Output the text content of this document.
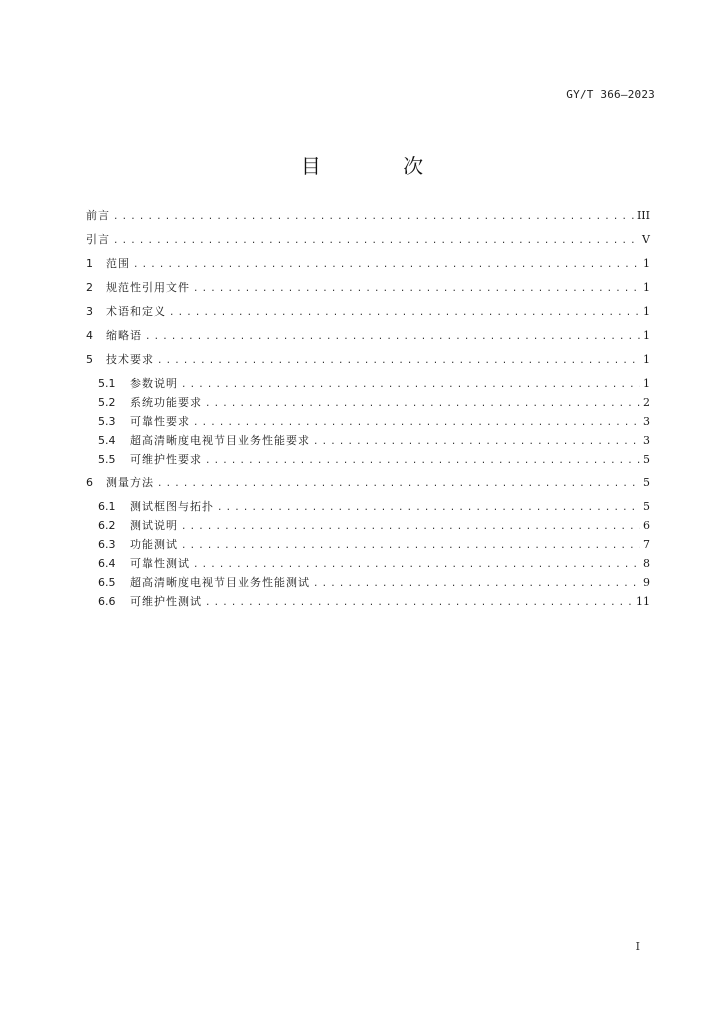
GY/T 366—2023
目 次
前言 .....	III
引言 .....	V
1	范围 .....	1
2	规范性引用文件 .....	1
3	术语和定义 .....	1
4	缩略语 .....	1
5	技术要求 .....	1
5.1	参数说明 .....	1
5.2	系统功能要求 .....	2
5.3	可靠性要求 .....	3
5.4	超高清晰度电视节目业务性能要求 .....	3
5.5	可维护性要求 .....	5
6	测量方法 .....	5
6.1	测试框图与拓扑 .....	5
6.2	测试说明 .....	6
6.3	功能测试 .....	7
6.4	可靠性测试 .....	8
6.5	超高清晰度电视节目业务性能测试 .....	9
6.6	可维护性测试 .....	11
I
